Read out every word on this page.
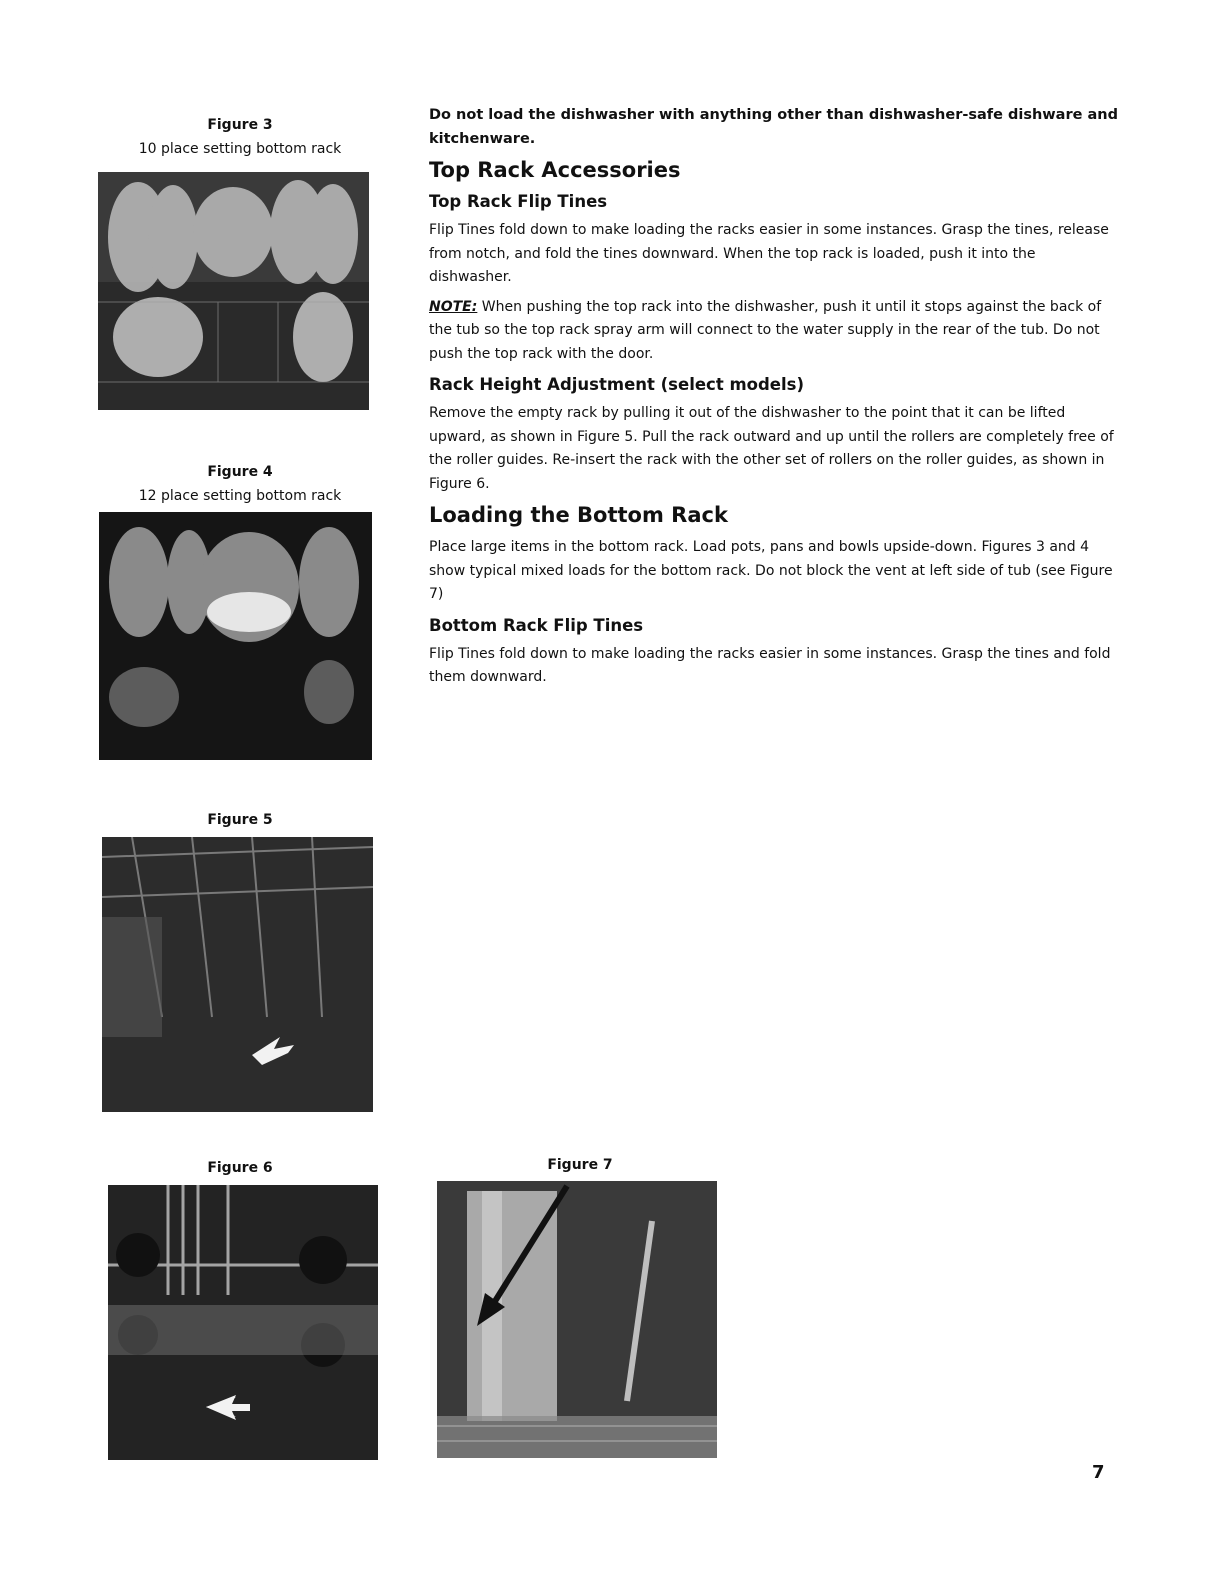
Figure 3
10 place setting bottom rack
Figure 4
12 place setting bottom rack
Figure 5
Figure 6	Figure 7

Do not load the dishwasher with anything other than dishwasher-safe dishware and kitchenware.

Top Rack Accessories
Top Rack Flip Tines

Flip Tines fold down to make loading the racks easier in some instances. Grasp the tines, release from notch, and fold the tines downward. When the top rack is loaded, push it into the dishwasher.

NOTE: When pushing the top rack into the dishwasher, push it until it stops against the back of the tub so the top rack spray arm will connect to the water supply in the rear of the tub. Do not push the top rack with the door.

Rack Height Adjustment (select models)

Remove the empty rack by pulling it out of the dishwasher to the point that it can be lifted upward, as shown in Figure 5. Pull the rack outward and up until the rollers are completely free of the roller guides. Re-insert the rack with the other set of rollers on the roller guides, as shown in Figure 6.

Loading the Bottom Rack

Place large items in the bottom rack. Load pots, pans and bowls upside-down. Figures 3 and 4 show typical mixed loads for the bottom rack. Do not block the vent at left side of tub (see Figure 7)

Bottom Rack Flip Tines

Flip Tines fold down to make loading the racks easier in some instances. Grasp the tines and fold them downward.

7
